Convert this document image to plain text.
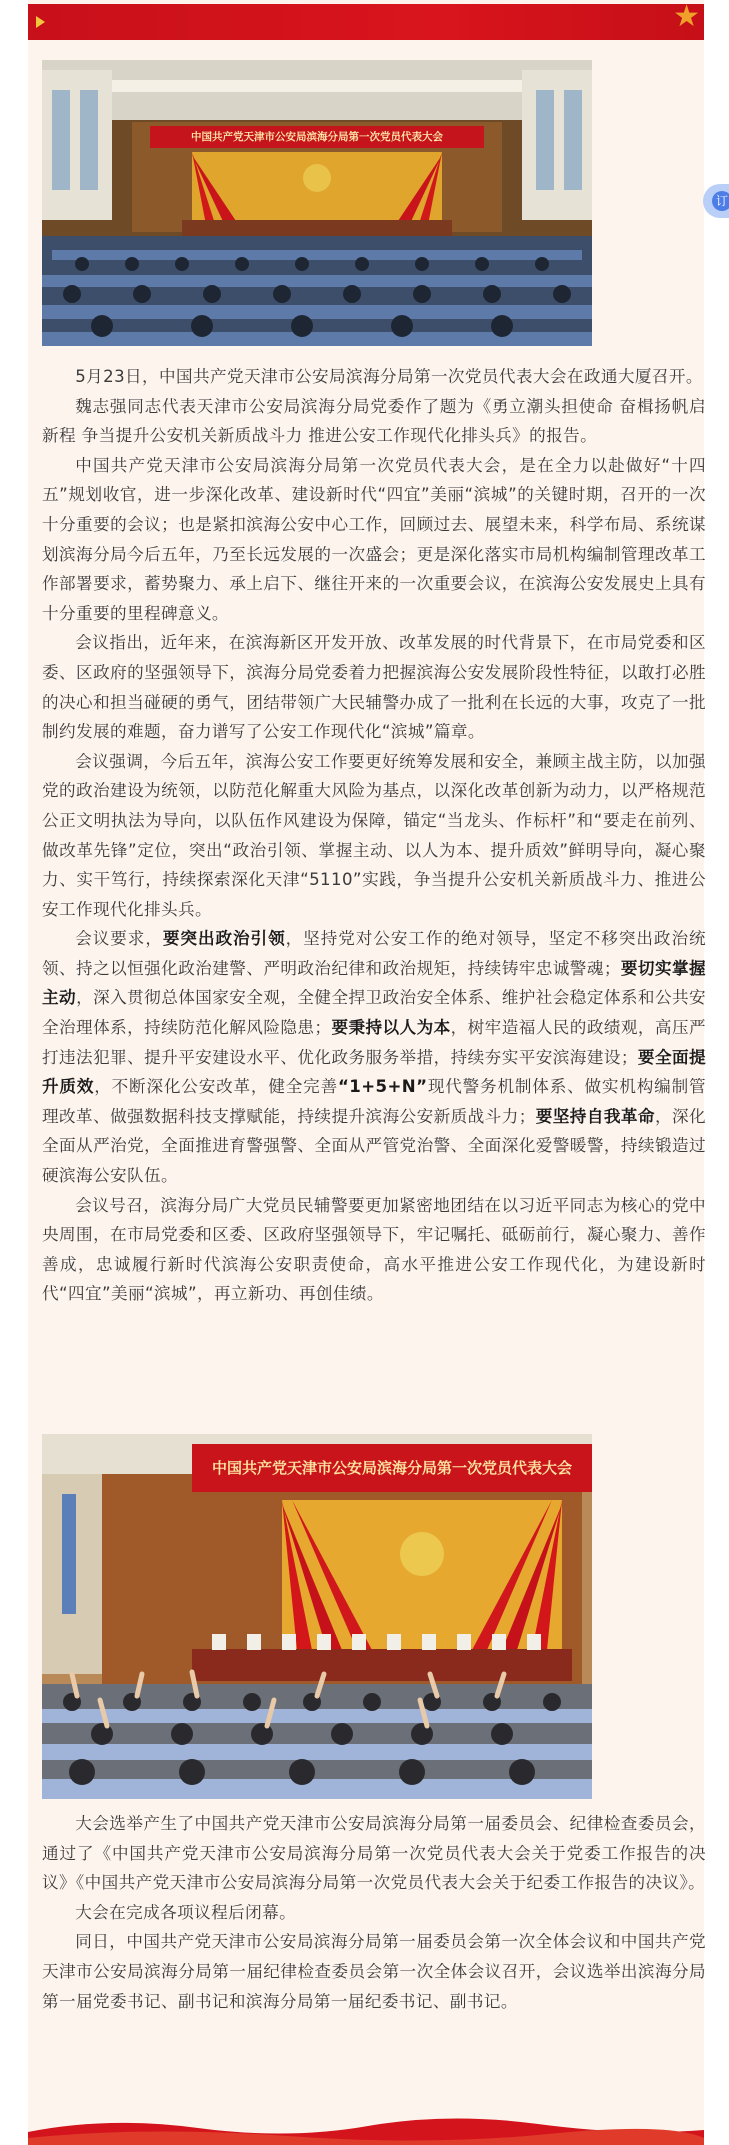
★
中国共产党天津市公安局滨海分局第一次党员代表大会

5月23日，中国共产党天津市公安局滨海分局第一次党员代表大会在政通大厦召开。

魏志强同志代表天津市公安局滨海分局党委作了题为《勇立潮头担使命 奋楫扬帆启新程 争当提升公安机关新质战斗力 推进公安工作现代化排头兵》的报告。

中国共产党天津市公安局滨海分局第一次党员代表大会，是在全力以赴做好“十四五”规划收官，进一步深化改革、建设新时代“四宜”美丽“滨城”的关键时期，召开的一次十分重要的会议；也是紧扣滨海公安中心工作，回顾过去、展望未来，科学布局、系统谋划滨海分局今后五年，乃至长远发展的一次盛会；更是深化落实市局机构编制管理改革工作部署要求，蓄势聚力、承上启下、继往开来的一次重要会议，在滨海公安发展史上具有十分重要的里程碑意义。

会议指出，近年来，在滨海新区开发开放、改革发展的时代背景下，在市局党委和区委、区政府的坚强领导下，滨海分局党委着力把握滨海公安发展阶段性特征，以敢打必胜的决心和担当碰硬的勇气，团结带领广大民辅警办成了一批利在长远的大事，攻克了一批制约发展的难题，奋力谱写了公安工作现代化“滨城”篇章。

会议强调，今后五年，滨海公安工作要更好统筹发展和安全，兼顾主战主防，以加强党的政治建设为统领，以防范化解重大风险为基点，以深化改革创新为动力，以严格规范公正文明执法为导向，以队伍作风建设为保障，锚定“当龙头、作标杆”和“要走在前列、做改革先锋”定位，突出“政治引领、掌握主动、以人为本、提升质效”鲜明导向，凝心聚力、实干笃行，持续探索深化天津“5110”实践，争当提升公安机关新质战斗力、推进公安工作现代化排头兵。

会议要求，要突出政治引领，坚持党对公安工作的绝对领导，坚定不移突出政治统领、持之以恒强化政治建警、严明政治纪律和政治规矩，持续铸牢忠诚警魂；要切实掌握主动，深入贯彻总体国家安全观，全健全捍卫政治安全体系、维护社会稳定体系和公共安全治理体系，持续防范化解风险隐患；要秉持以人为本，树牢造福人民的政绩观，高压严打违法犯罪、提升平安建设水平、优化政务服务举措，持续夯实平安滨海建设；要全面提升质效，不断深化公安改革，健全完善“1+5+N”现代警务机制体系、做实机构编制管理改革、做强数据科技支撑赋能，持续提升滨海公安新质战斗力；要坚持自我革命，深化全面从严治党，全面推进育警强警、全面从严管党治警、全面深化爱警暖警，持续锻造过硬滨海公安队伍。

会议号召，滨海分局广大党员民辅警要更加紧密地团结在以习近平同志为核心的党中央周围，在市局党委和区委、区政府坚强领导下，牢记嘱托、砥砺前行，凝心聚力、善作善成，忠诚履行新时代滨海公安职责使命，高水平推进公安工作现代化，为建设新时代“四宜”美丽“滨城”，再立新功、再创佳绩。

中国共产党天津市公安局滨海分局第一次党员代表大会

大会选举产生了中国共产党天津市公安局滨海分局第一届委员会、纪律检查委员会，通过了《中国共产党天津市公安局滨海分局第一次党员代表大会关于党委工作报告的决议》《中国共产党天津市公安局滨海分局第一次党员代表大会关于纪委工作报告的决议》。

大会在完成各项议程后闭幕。

同日，中国共产党天津市公安局滨海分局第一届委员会第一次全体会议和中国共产党天津市公安局滨海分局第一届纪律检查委员会第一次全体会议召开，会议选举出滨海分局第一届党委书记、副书记和滨海分局第一届纪委书记、副书记。

订
